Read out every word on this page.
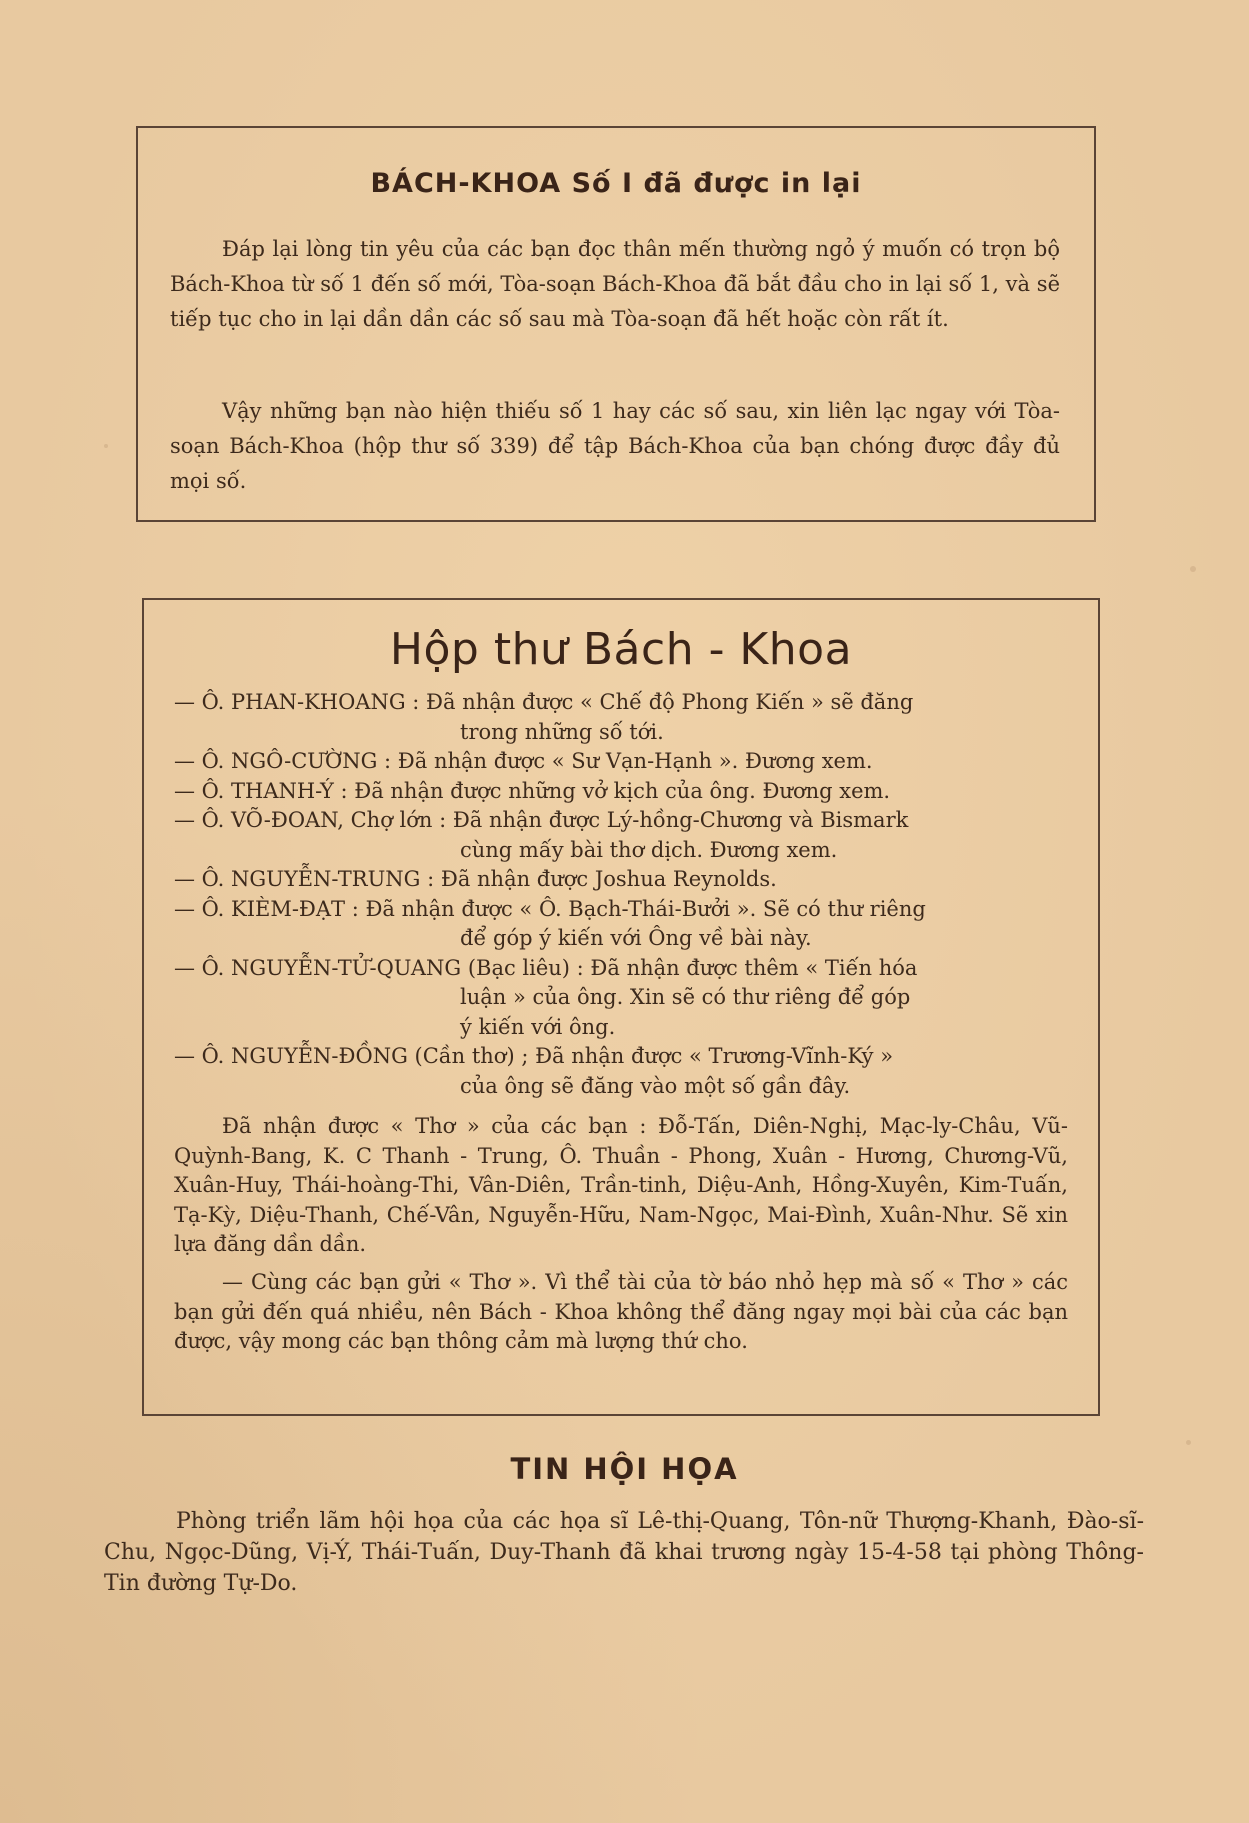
BÁCH-KHOA Số I đã được in lại

Đáp lại lòng tin yêu của các bạn đọc thân mến thường ngỏ ý muốn có trọn bộ Bách-Khoa từ số 1 đến số mới, Tòa-soạn Bách-Khoa đã bắt đầu cho in lại số 1, và sẽ tiếp tục cho in lại dần dần các số sau mà Tòa-soạn đã hết hoặc còn rất ít.

Vậy những bạn nào hiện thiếu số 1 hay các số sau, xin liên lạc ngay với Tòa-soạn Bách-Khoa (hộp thư số 339) để tập Bách-Khoa của bạn chóng được đầy đủ mọi số.

Hộp thư Bách - Khoa
— Ô. PHAN-KHOANG : Đã nhận được « Chế độ Phong Kiến » sẽ đăng
trong những số tới.
— Ô. NGÔ-CƯỜNG : Đã nhận được « Sư Vạn-Hạnh ». Đương xem.
— Ô. THANH-Ý : Đã nhận được những vở kịch của ông. Đương xem.
— Ô. VÕ-ĐOAN, Chợ lớn : Đã nhận được Lý-hồng-Chương và Bismark
cùng mấy bài thơ dịch. Đương xem.
— Ô. NGUYỄN-TRUNG : Đã nhận được Joshua Reynolds.
— Ô. KIÈM-ĐẠT : Đã nhận được « Ô. Bạch-Thái-Bưởi ». Sẽ có thư riêng
để góp ý kiến với Ông về bài này.
— Ô. NGUYỄN-TỬ-QUANG (Bạc liêu) : Đã nhận được thêm « Tiến hóa
luận » của ông. Xin sẽ có thư riêng để góp
ý kiến với ông.
— Ô. NGUYỄN-ĐỒNG (Cần thơ) ; Đã nhận được « Trương-Vĩnh-Ký »
của ông sẽ đăng vào một số gần đây.

Đã nhận được « Thơ » của các bạn : Đỗ-Tấn, Diên-Nghị, Mạc-ly-Châu, Vũ-Quỳnh-Bang, K. C Thanh - Trung, Ô. Thuần - Phong, Xuân - Hương, Chương-Vũ, Xuân-Huy, Thái-hoàng-Thi, Vân-Diên, Trần-tinh, Diệu-Anh, Hồng-Xuyên, Kim-Tuấn, Tạ-Kỳ, Diệu-Thanh, Chế-Vân, Nguyễn-Hữu, Nam-Ngọc, Mai-Đình, Xuân-Như. Sẽ xin lựa đăng dần dần.

— Cùng các bạn gửi « Thơ ». Vì thể tài của tờ báo nhỏ hẹp mà số « Thơ » các bạn gửi đến quá nhiều, nên Bách - Khoa không thể đăng ngay mọi bài của các bạn được, vậy mong các bạn thông cảm mà lượng thứ cho.

TIN HỘI HỌA

Phòng triển lãm hội họa của các họa sĩ Lê-thị-Quang, Tôn-nữ Thượng-Khanh, Đào-sĩ-Chu, Ngọc-Dũng, Vị-Ý, Thái-Tuấn, Duy-Thanh đã khai trương ngày 15-4-58 tại phòng Thông-Tin đường Tự-Do.
